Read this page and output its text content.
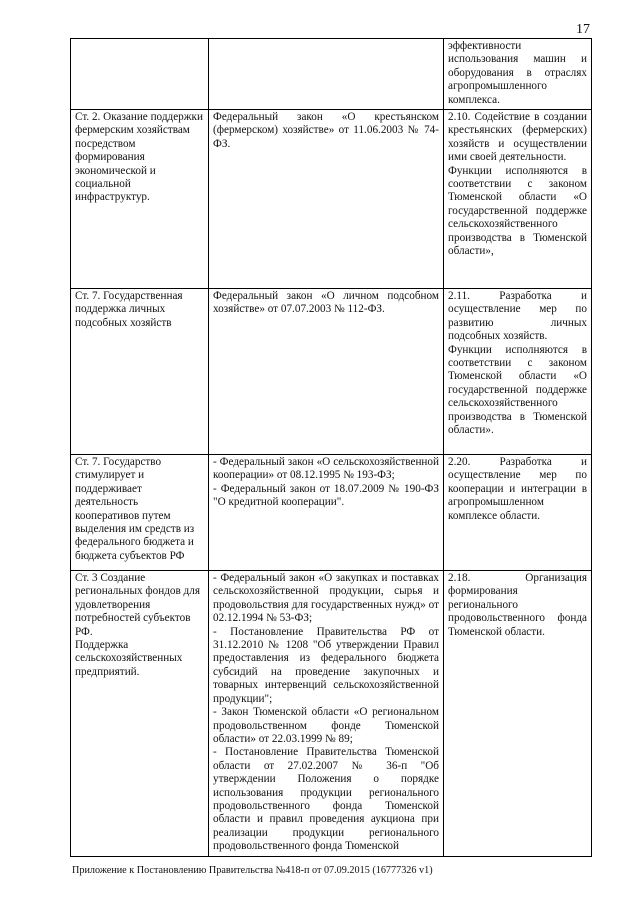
17

		эффективности использования машин и оборудования в отраслях агропромышленного комплекса.

Ст. 2. Оказание поддержки фермерским хозяйствам посредством формирования экономической и социальной инфраструктур.	Федеральный закон «О крестьянском (фермерском) хозяйстве» от 11.06.2003 № 74-ФЗ.	2.10. Содействие в создании крестьянских (фермерских) хозяйств и осуществлении ими своей деятельности.
Функции исполняются в соответствии с законом Тюменской области «О государственной поддержке сельскохозяйственного производства в Тюменской области»,

Ст. 7. Государственная поддержка личных подсобных хозяйств	Федеральный закон «О личном подсобном хозяйстве» от 07.07.2003 № 112-ФЗ.	2.11. Разработка и осуществление мер по развитию личных подсобных хозяйств.
Функции исполняются в соответствии с законом Тюменской области «О государственной поддержке сельскохозяйственного производства в Тюменской области».

Ст. 7. Государство стимулирует и поддерживает деятельность кооперативов путем выделения им средств из федерального бюджета и бюджета субъектов РФ	- Федеральный закон «О сельскохозяйственной кооперации» от 08.12.1995 № 193-ФЗ;
- Федеральный закон от 18.07.2009 № 190-ФЗ "О кредитной кооперации".	2.20. Разработка и осуществление мер по кооперации и интеграции в агропромышленном комплексе области.

Ст. 3 Создание региональных фондов для удовлетворения потребностей субъектов РФ.
Поддержка сельскохозяйственных предприятий.	- Федеральный закон «О закупках и поставках сельскохозяйственной продукции, сырья и продовольствия для государственных нужд» от 02.12.1994 № 53-ФЗ;
- Постановление Правительства РФ от 31.12.2010 № 1208 "Об утверждении Правил предоставления из федерального бюджета субсидий на проведение закупочных и товарных интервенций сельскохозяйственной продукции";
- Закон Тюменской области «О региональном продовольственном фонде Тюменской области» от 22.03.1999 № 89;
- Постановление Правительства Тюменской области от 27.02.2007 № 36-п "Об утверждении Положения о порядке использования продукции регионального продовольственного фонда Тюменской области и правил проведения аукциона при реализации продукции регионального продовольственного фонда Тюменской	2.18. Организация формирования регионального продовольственного фонда Тюменской области.
Приложение к Постановлению Правительства №418-п от 07.09.2015 (16777326 v1)
